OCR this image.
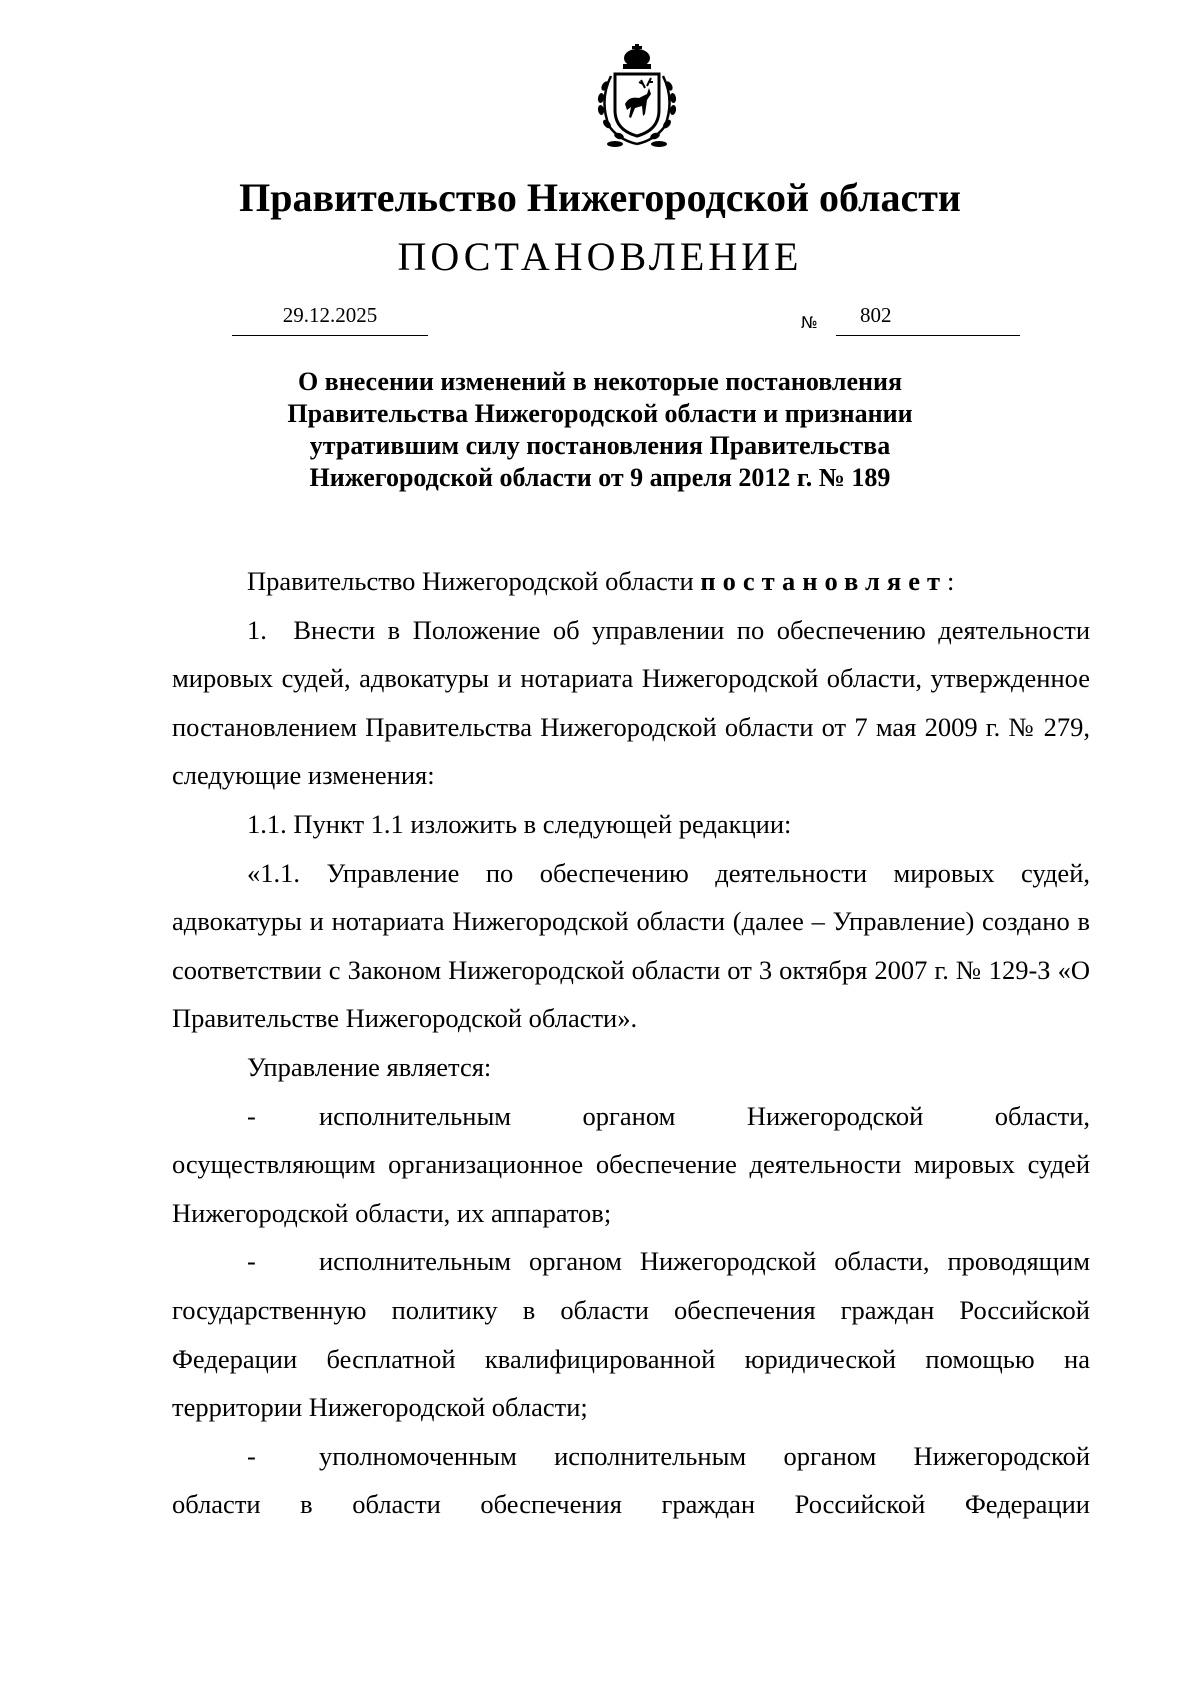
Правительство Нижегородской области
ПОСТАНОВЛЕНИЕ
29.12.2025	№ 802
О внесении изменений в некоторые постановления
Правительства Нижегородской области и признании
утратившим силу постановления Правительства
Нижегородской области от 9 апреля 2012 г. № 189

Правительство Нижегородской области постановляет:

1. Внести в Положение об управлении по обеспечению деятельности мировых судей, адвокатуры и нотариата Нижегородской области, утвержденное постановлением Правительства Нижегородской области от 7 мая 2009 г. № 279, следующие изменения:

1.1. Пункт 1.1 изложить в следующей редакции:

«1.1. Управление по обеспечению деятельности мировых судей, адвокатуры и нотариата Нижегородской области (далее – Управление) создано в соответствии с Законом Нижегородской области от 3 октября 2007 г. № 129-З «О Правительстве Нижегородской области».

Управление является:

- исполнительным органом Нижегородской области, осуществляющим организационное обеспечение деятельности мировых судей Нижегородской области, их аппаратов;

- исполнительным органом Нижегородской области, проводящим государственную политику в области обеспечения граждан Российской Федерации бесплатной квалифицированной юридической помощью на территории Нижегородской области;

- уполномоченным исполнительным органом Нижегородской области в области обеспечения граждан Российской Федерации
